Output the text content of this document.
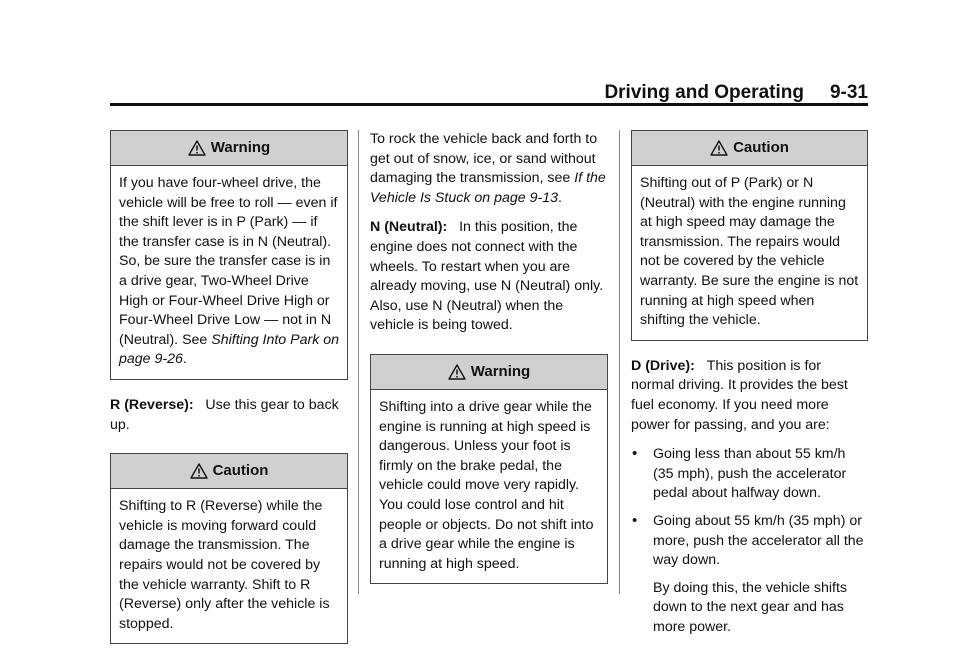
Driving and Operating 9-31
Warning
If you have four-wheel drive, the vehicle will be free to roll — even if the shift lever is in P (Park) — if the transfer case is in N (Neutral). So, be sure the transfer case is in a drive gear, Two-Wheel Drive High or Four-Wheel Drive High or Four-Wheel Drive Low — not in N (Neutral). See Shifting Into Park on page 9-26.

R (Reverse): Use this gear to back up.

Caution
Shifting to R (Reverse) while the vehicle is moving forward could damage the transmission. The repairs would not be covered by the vehicle warranty. Shift to R (Reverse) only after the vehicle is stopped.

To rock the vehicle back and forth to get out of snow, ice, or sand without damaging the transmission, see If the Vehicle Is Stuck on page 9-13.

N (Neutral): In this position, the engine does not connect with the wheels. To restart when you are already moving, use N (Neutral) only. Also, use N (Neutral) when the vehicle is being towed.

Warning
Shifting into a drive gear while the engine is running at high speed is dangerous. Unless your foot is firmly on the brake pedal, the vehicle could move very rapidly. You could lose control and hit people or objects. Do not shift into a drive gear while the engine is running at high speed.
Caution
Shifting out of P (Park) or N (Neutral) with the engine running at high speed may damage the transmission. The repairs would not be covered by the vehicle warranty. Be sure the engine is not running at high speed when shifting the vehicle.

D (Drive): This position is for normal driving. It provides the best fuel economy. If you need more power for passing, and you are:

• Going less than about 55 km/h (35 mph), push the accelerator pedal about halfway down.
• Going about 55 km/h (35 mph) or more, push the accelerator all the way down.

By doing this, the vehicle shifts down to the next gear and has more power.
